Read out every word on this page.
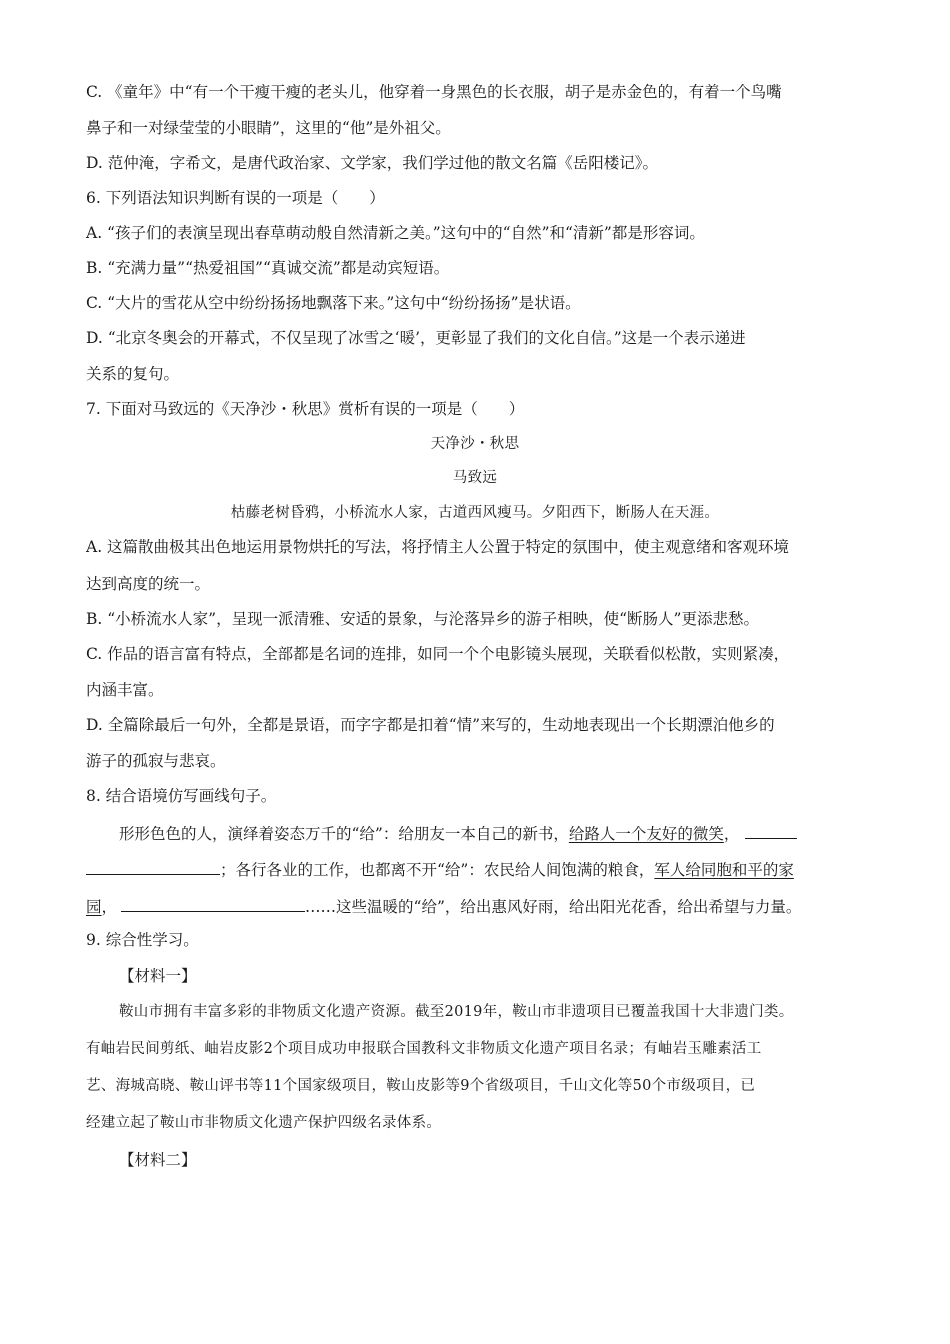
C. 《童年》中“有一个干瘦干瘦的老头儿，他穿着一身黑色的长衣服，胡子是赤金色的，有着一个鸟嘴
鼻子和一对绿莹莹的小眼睛”，这里的“他”是外祖父。
D. 范仲淹，字希文，是唐代政治家、文学家，我们学过他的散文名篇《岳阳楼记》。
6. 下列语法知识判断有误的一项是（　　）
A. “孩子们的表演呈现出春草萌动般自然清新之美。”这句中的“自然”和“清新”都是形容词。
B. “充满力量”“热爱祖国”“真诚交流”都是动宾短语。
C. “大片的雪花从空中纷纷扬扬地飘落下来。”这句中“纷纷扬扬”是状语。
D. “北京冬奥会的开幕式，不仅呈现了冰雪之‘暖’，更彰显了我们的文化自信。”这是一个表示递进
关系的复句。
7. 下面对马致远的《天净沙・秋思》赏析有误的一项是（　　）
天净沙・秋思
马致远
枯藤老树昏鸦，小桥流水人家，古道西风瘦马。夕阳西下，断肠人在天涯。
A. 这篇散曲极其出色地运用景物烘托的写法，将抒情主人公置于特定的氛围中，使主观意绪和客观环境
达到高度的统一。
B. “小桥流水人家”，呈现一派清雅、安适的景象，与沦落异乡的游子相映，使“断肠人”更添悲愁。
C. 作品的语言富有特点，全部都是名词的连排，如同一个个电影镜头展现，关联看似松散，实则紧凑，
内涵丰富。
D. 全篇除最后一句外，全都是景语，而字字都是扣着“情”来写的，生动地表现出一个长期漂泊他乡的
游子的孤寂与悲哀。
8. 结合语境仿写画线句子。
形形色色的人，演绎着姿态万千的“给”：给朋友一本自己的新书，给路人一个友好的微笑，
；各行各业的工作，也都离不开“给”：农民给人间饱满的粮食，军人给同胞和平的家
园，	……这些温暖的“给”，给出惠风好雨，给出阳光花香，给出希望与力量。
9. 综合性学习。
【材料一】
鞍山市拥有丰富多彩的非物质文化遗产资源。截至2019年，鞍山市非遗项目已覆盖我国十大非遗门类。
有岫岩民间剪纸、岫岩皮影2个项目成功申报联合国教科文非物质文化遗产项目名录；有岫岩玉雕素活工
艺、海城高晓、鞍山评书等11个国家级项目，鞍山皮影等9个省级项目，千山文化等50个市级项目，已
经建立起了鞍山市非物质文化遗产保护四级名录体系。
【材料二】
